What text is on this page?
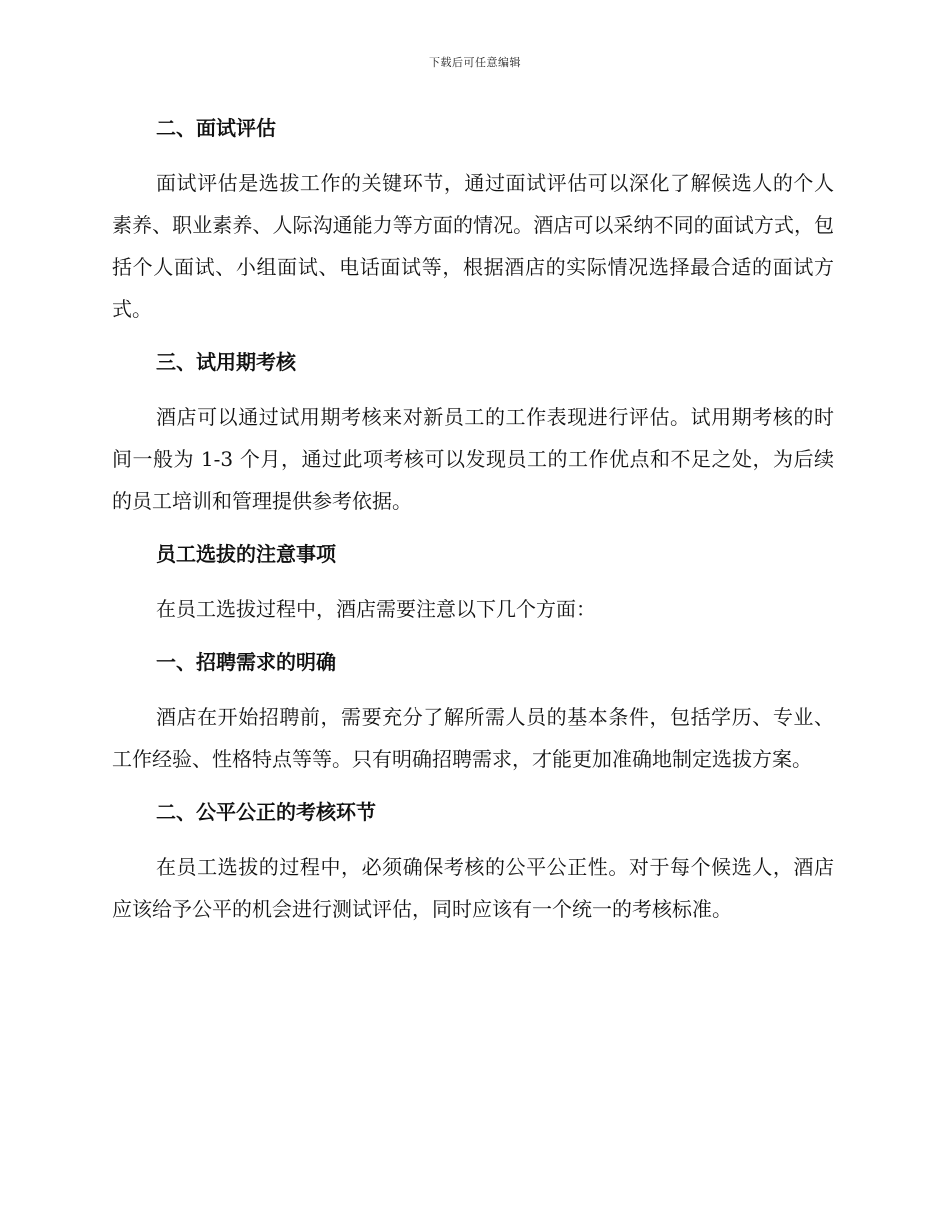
下载后可任意编辑
二、面试评估

面试评估是选拔工作的关键环节，通过面试评估可以深化了解候选人的个人素养、职业素养、人际沟通能力等方面的情况。酒店可以采纳不同的面试方式，包括个人面试、小组面试、电话面试等，根据酒店的实际情况选择最合适的面试方式。

三、试用期考核

酒店可以通过试用期考核来对新员工的工作表现进行评估。试用期考核的时间一般为 1-3 个月，通过此项考核可以发现员工的工作优点和不足之处，为后续的员工培训和管理提供参考依据。

员工选拔的注意事项

在员工选拔过程中，酒店需要注意以下几个方面：

一、招聘需求的明确

酒店在开始招聘前，需要充分了解所需人员的基本条件，包括学历、专业、工作经验、性格特点等等。只有明确招聘需求，才能更加准确地制定选拔方案。

二、公平公正的考核环节

在员工选拔的过程中，必须确保考核的公平公正性。对于每个候选人，酒店应该给予公平的机会进行测试评估，同时应该有一个统一的考核标准。
